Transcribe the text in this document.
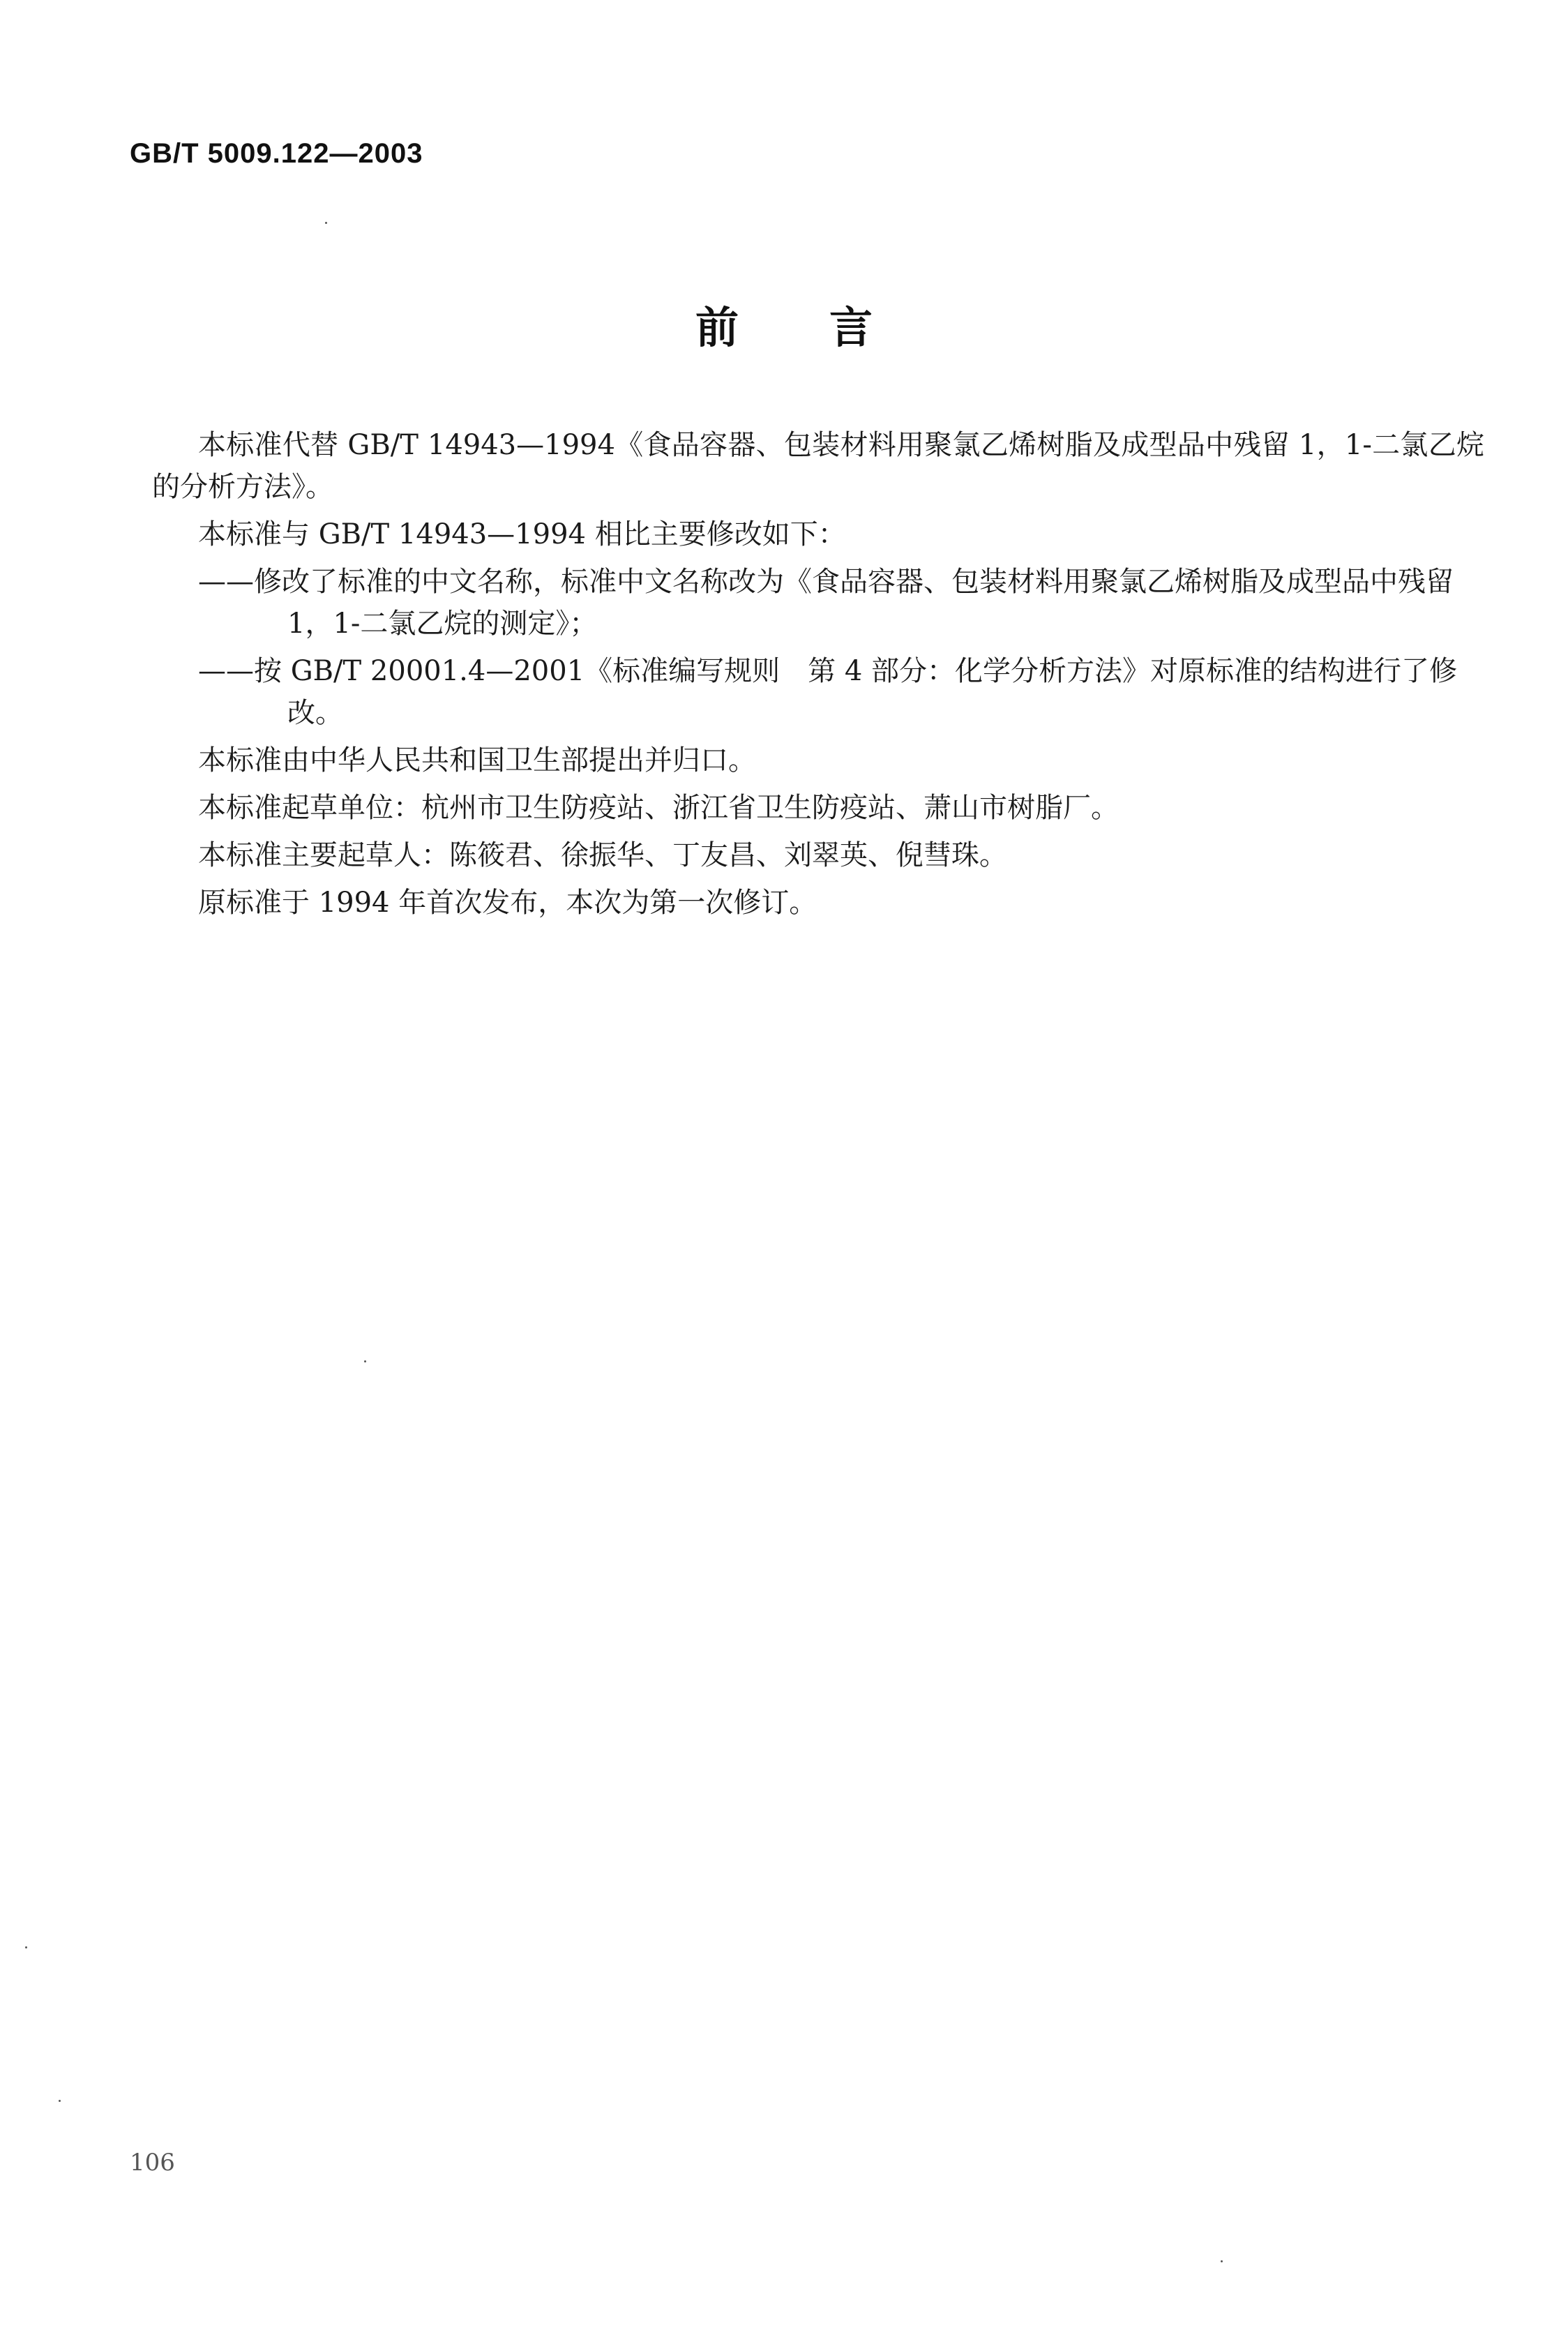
GB/T 5009.122—2003
前 言

本标准代替 GB/T 14943—1994《食品容器、包装材料用聚氯乙烯树脂及成型品中残留 1，1-二氯乙烷的分析方法》。

本标准与 GB/T 14943—1994 相比主要修改如下：

——修改了标准的中文名称，标准中文名称改为《食品容器、包装材料用聚氯乙烯树脂及成型品中残留 1，1-二氯乙烷的测定》；

——按 GB/T 20001.4—2001《标准编写规则　第 4 部分：化学分析方法》对原标准的结构进行了修改。

本标准由中华人民共和国卫生部提出并归口。

本标准起草单位：杭州市卫生防疫站、浙江省卫生防疫站、萧山市树脂厂。

本标准主要起草人：陈筱君、徐振华、丁友昌、刘翠英、倪彗珠。

原标准于 1994 年首次发布，本次为第一次修订。

106
